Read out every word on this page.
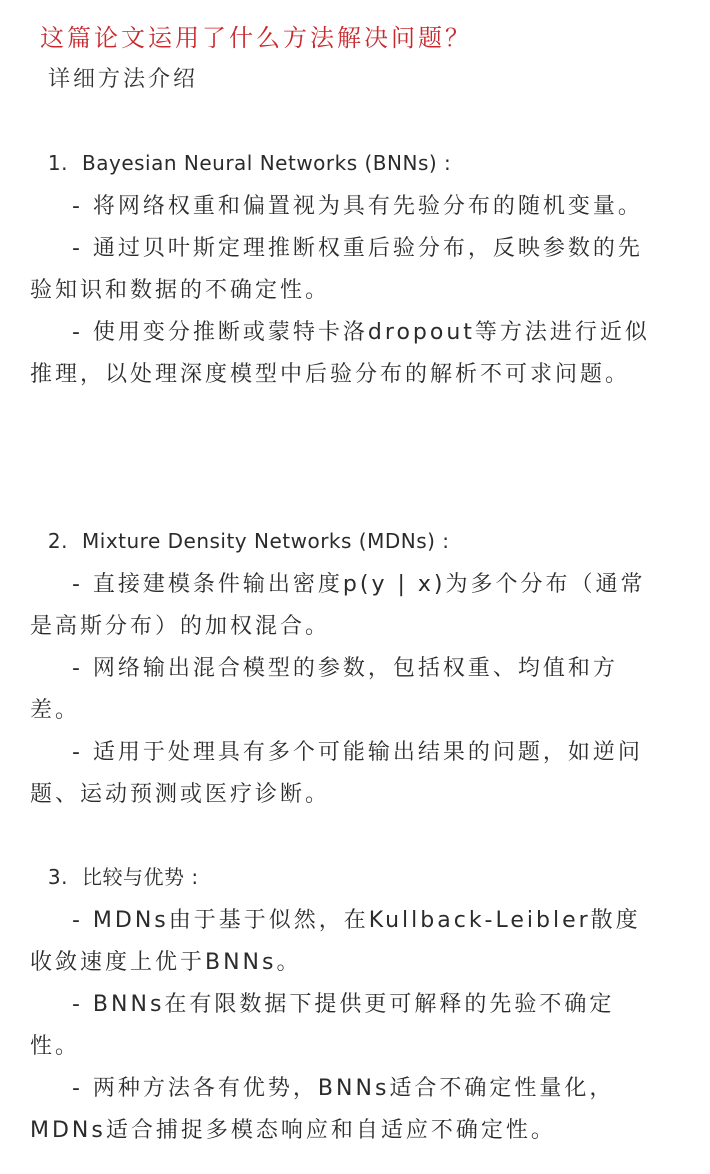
这篇论文运用了什么方法解决问题？
详细方法介绍
1. Bayesian Neural Networks (BNNs) :

- 将网络权重和偏置视为具有先验分布的随机变量。

- 通过贝叶斯定理推断权重后验分布，反映参数的先验知识和数据的不确定性。

- 使用变分推断或蒙特卡洛dropout等方法进行近似推理，以处理深度模型中后验分布的解析不可求问题。

2. Mixture Density Networks (MDNs) :

- 直接建模条件输出密度p(y | x)为多个分布（通常是高斯分布）的加权混合。

- 网络输出混合模型的参数，包括权重、均值和方差。

- 适用于处理具有多个可能输出结果的问题，如逆问题、运动预测或医疗诊断。

3. 比较与优势 :

- MDNs由于基于似然，在Kullback-Leibler散度收敛速度上优于BNNs。

- BNNs在有限数据下提供更可解释的先验不确定性。

- 两种方法各有优势，BNNs适合不确定性量化，MDNs适合捕捉多模态响应和自适应不确定性。
